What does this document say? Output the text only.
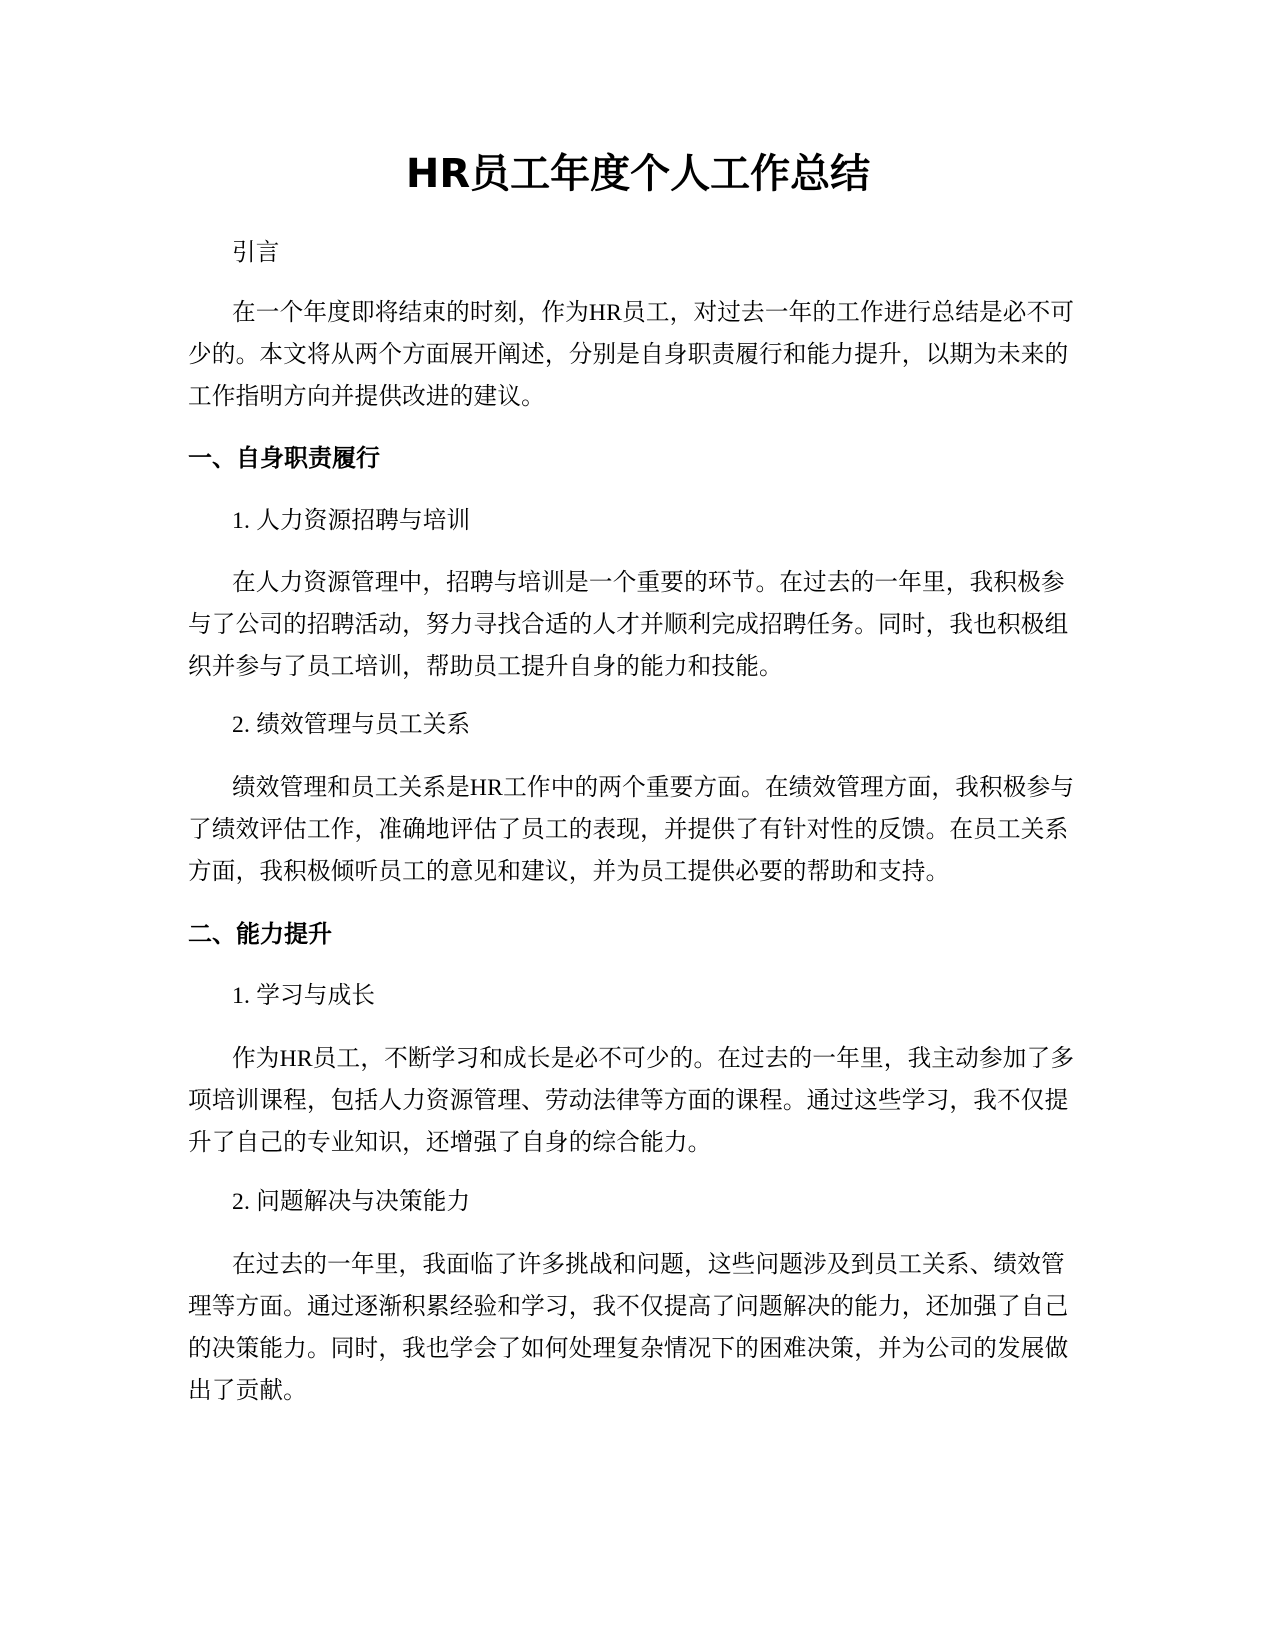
HR员工年度个人工作总结

引言

在一个年度即将结束的时刻，作为HR员工，对过去一年的工作进行总结是必不可少的。本文将从两个方面展开阐述，分别是自身职责履行和能力提升，以期为未来的工作指明方向并提供改进的建议。

一、自身职责履行

1. 人力资源招聘与培训

在人力资源管理中，招聘与培训是一个重要的环节。在过去的一年里，我积极参与了公司的招聘活动，努力寻找合适的人才并顺利完成招聘任务。同时，我也积极组织并参与了员工培训，帮助员工提升自身的能力和技能。

2. 绩效管理与员工关系

绩效管理和员工关系是HR工作中的两个重要方面。在绩效管理方面，我积极参与了绩效评估工作，准确地评估了员工的表现，并提供了有针对性的反馈。在员工关系方面，我积极倾听员工的意见和建议，并为员工提供必要的帮助和支持。

二、能力提升

1. 学习与成长

作为HR员工，不断学习和成长是必不可少的。在过去的一年里，我主动参加了多项培训课程，包括人力资源管理、劳动法律等方面的课程。通过这些学习，我不仅提升了自己的专业知识，还增强了自身的综合能力。

2. 问题解决与决策能力

在过去的一年里，我面临了许多挑战和问题，这些问题涉及到员工关系、绩效管理等方面。通过逐渐积累经验和学习，我不仅提高了问题解决的能力，还加强了自己的决策能力。同时，我也学会了如何处理复杂情况下的困难决策，并为公司的发展做出了贡献。
